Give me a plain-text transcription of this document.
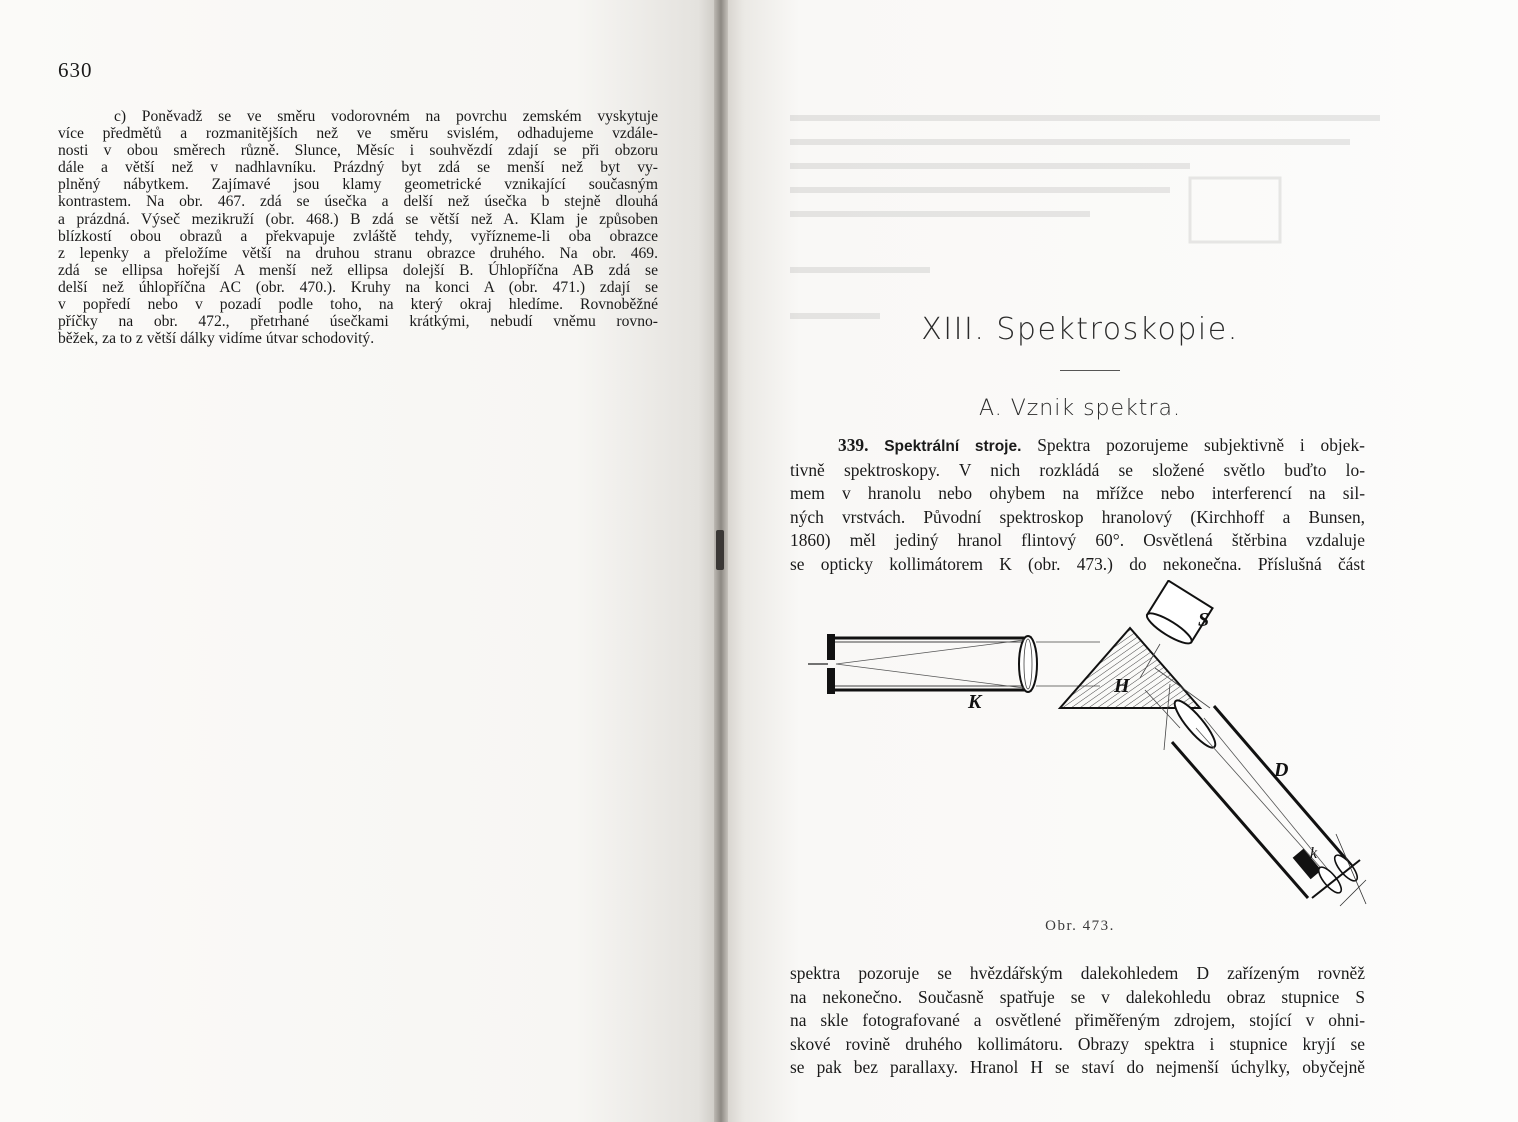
630
c) Poněvadž se ve směru vodorovném na povrchu zemském vyskytuje
více předmětů a rozmanitějších než ve směru svislém, odhadujeme vzdále-
nosti v obou směrech různě. Slunce, Měsíc i souhvězdí zdají se při obzoru
dále a větší než v nadhlavníku. Prázdný byt zdá se menší než byt vy-
plněný nábytkem. Zajímavé jsou klamy geometrické vznikající současným
kontrastem. Na obr. 467. zdá se úsečka a delší než úsečka b stejně dlouhá
a prázdná. Výseč mezikruží (obr. 468.) B zdá se větší než A. Klam je způsoben
blízkostí obou obrazů a překvapuje zvláště tehdy, vyřízneme-li oba obrazce
z lepenky a přeložíme větší na druhou stranu obrazce druhého. Na obr. 469.
zdá se ellipsa hořejší A menší než ellipsa dolejší B. Úhlopříčna AB zdá se
delší než úhlopříčna AC (obr. 470.). Kruhy na konci A (obr. 471.) zdají se
v popředí nebo v pozadí podle toho, na který okraj hledíme. Rovnoběžné
příčky na obr. 472., přetrhané úsečkami krátkými, nebudí vněmu rovno-
běžek, za to z větší dálky vidíme útvar schodovitý.	XIII. Spektroskopie.
A. Vznik spektra.
339. Spektrální stroje. Spektra pozorujeme subjektivně i objek-
tivně spektroskopy. V nich rozkládá se složené světlo buďto lo-
mem v hranolu nebo ohybem na mřížce nebo interferencí na sil-
ných vrstvách. Původní spektroskop hranolový (Kirchhoff a Bunsen,
1860) měl jediný hranol flintový 60°. Osvětlená štěrbina vzdaluje
se opticky kollimátorem K (obr. 473.) do nekonečna. Příslušná část
K
H
S
D
k
Obr. 473.
spektra pozoruje se hvězdářským dalekohledem D zařízeným rovněž
na nekonečno. Současně spatřuje se v dalekohledu obraz stupnice S
na skle fotografované a osvětlené přiměřeným zdrojem, stojící v ohni-
skové rovině druhého kollimátoru. Obrazy spektra i stupnice kryjí se
se pak bez parallaxy. Hranol H se staví do nejmenší úchylky, obyčejně
